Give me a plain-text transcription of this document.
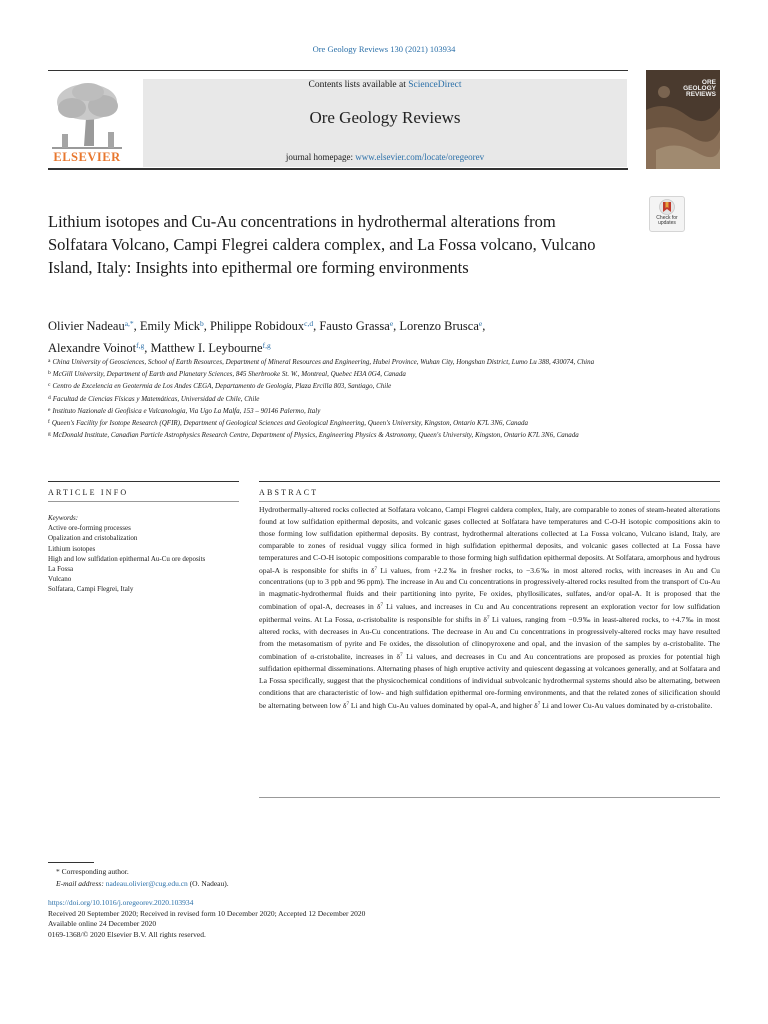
Ore Geology Reviews 130 (2021) 103934
ELSEVIER
Contents lists available at ScienceDirect
Ore Geology Reviews
journal homepage: www.elsevier.com/locate/oregeorev
ORE GEOLOGY REVIEWS
Check for updates
Lithium isotopes and Cu-Au concentrations in hydrothermal alterations from Solfatara Volcano, Campi Flegrei caldera complex, and La Fossa volcano, Vulcano Island, Italy: Insights into epithermal ore forming environments
Olivier Nadeau$^{a,*}$, Emily Mick$^b$, Philippe Robidoux$^{c,d}$, Fausto Grassa$^e$, Lorenzo Brusca$^e$,
Alexandre Voinot$^{f,g}$, Matthew I. Leybourne$^{f,g}$
$^a$ China University of Geosciences, School of Earth Resources, Department of Mineral Resources and Engineering, Hubei Province, Wuhan City, Hongshan District, Lumo Lu 388, 430074, China
$^b$ McGill University, Department of Earth and Planetary Sciences, 845 Sherbrooke St. W., Montreal, Quebec H3A 0G4, Canada
$^c$ Centro de Excelencia en Geotermia de Los Andes CEGA, Departamento de Geología, Plaza Ercilla 803, Santiago, Chile
$^d$ Facultad de Ciencias Físicas y Matemáticas, Universidad de Chile, Chile
$^e$ Instituto Nazionale di Geofisica e Vulcanologia, Via Ugo La Malfa, 153 – 90146 Palermo, Italy
$^f$ Queen's Facility for Isotope Research (QFIR), Department of Geological Sciences and Geological Engineering, Queen's University, Kingston, Ontario K7L 3N6, Canada
$^g$ McDonald Institute, Canadian Particle Astrophysics Research Centre, Department of Physics, Engineering Physics & Astronomy, Queen's University, Kingston, Ontario K7L 3N6, Canada
ARTICLE INFO	ABSTRACT
Keywords:
Active ore-forming processes
Opalization and cristobalization
Lithium isotopes
High and low sulfidation epithermal Au-Cu ore deposits
La Fossa
Vulcano
Solfatara, Campi Flegrei, Italy
Hydrothermally-altered rocks collected at Solfatara volcano, Campi Flegrei caldera complex, Italy, are comparable to zones of steam-heated alterations found at low sulfidation epithermal deposits, and volcanic gases collected at Solfatara have temperatures and C-O-H isotopic compositions akin to those forming low sulfidation epithermal deposits. By contrast, hydrothermal alterations collected at La Fossa volcano, Vulcano island, Italy, are comparable to zones of residual vuggy silica formed in high sulfidation epithermal deposits, and volcanic gases collected at La Fossa have temperatures and C-O-H isotopic compositions comparable to those forming high sulfidation epithermal deposits. At Solfatara, amorphous and hydrous opal-A is responsible for shifts in $\delta^7$ Li values, from +2.2‰ in fresher rocks, to −3.6‰ in most altered rocks, with increases in Au and Cu concentrations (up to 3 ppb and 96 ppm). The increase in Au and Cu concentrations in progressively-altered rocks resulted from the transport of Cu-Au in magmatic-hydrothermal fluids and their partitioning into pyrite, Fe oxides, phyllosilicates, sulfates, and/or opal-A. It is proposed that the combination of opal-A, decreases in $\delta^7$ Li values, and increases in Cu and Au concentrations represent an exploration vector for low sulfidation epithermal veins. At La Fossa, α-cristobalite is responsible for shifts in $\delta^7$ Li values, ranging from −0.9‰ in least-altered rocks, to +4.7‰ in most altered rocks, with decreases in Au-Cu concentrations. The decrease in Au and Cu concentrations in progressively-altered rocks may have resulted from the metasomatism of pyrite and Fe oxides, the dissolution of clinopyroxene and opal, and the invasion of the samples by α-cristobalite. The combination of α-cristobalite, increases in $\delta^7$ Li values, and decreases in Cu and Au concentrations are proposed as proxies for potential high sulfidation epithermal disseminations. Alternating phases of high eruptive activity and quiescent degassing at volcanoes generally, and at Solfatara and La Fossa specifically, suggest that the physicochemical conditions of individual subvolcanic hydrothermal systems should also be alternating, between conditions that are characteristic of low- and high sulfidation epithermal ore-forming environments, and that the related zones of silicification should be alternating between low $\delta^7$ Li and high Cu-Au values dominated by opal-A, and higher $\delta^7$ Li and lower Cu-Au values dominated by α-cristobalite.
* Corresponding author.
E-mail address: nadeau.olivier@cug.edu.cn (O. Nadeau).
https://doi.org/10.1016/j.oregeorev.2020.103934
Received 20 September 2020; Received in revised form 10 December 2020; Accepted 12 December 2020
Available online 24 December 2020
0169-1368/© 2020 Elsevier B.V. All rights reserved.
